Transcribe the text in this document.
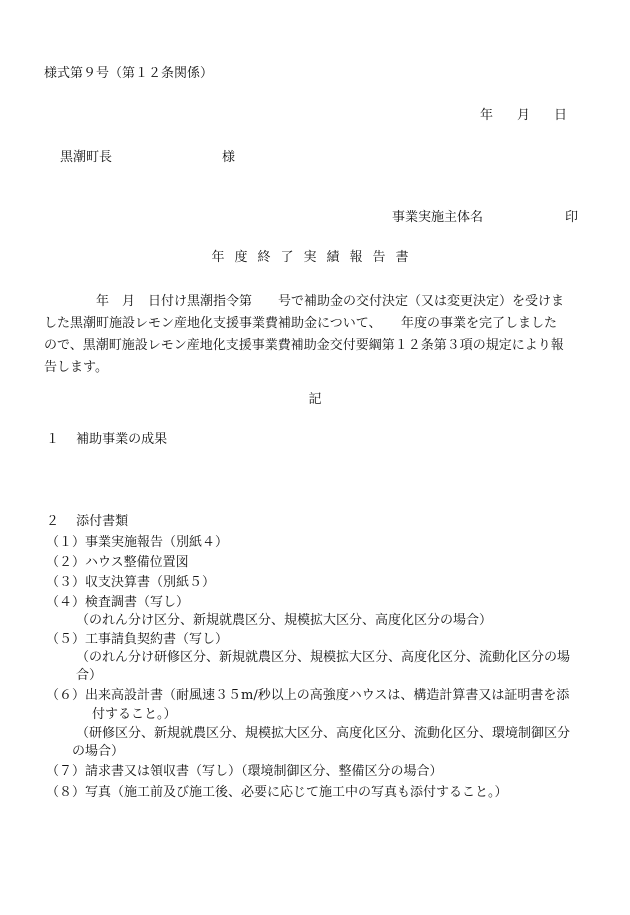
様式第９号（第１２条関係）
年 月 日
黒潮町長	様
事業実施主体名	印
年度終了実績報告書
　　　　年　月　日付け黒潮指令第　　号で補助金の交付決定（又は変更決定）を受けま
した黒潮町施設レモン産地化支援事業費補助金について、　　年度の事業を完了しました
ので、黒潮町施設レモン産地化支援事業費補助金交付要綱第１２条第３項の規定により報
告します。
記
１　 補助事業の成果
２　 添付書類
（１）事業実施報告（別紙４）
（２）ハウス整備位置図
（３）収支決算書（別紙５）
（４）検査調書（写し）
（のれん分け区分、新規就農区分、規模拡大区分、高度化区分の場合）
（５）工事請負契約書（写し）
（のれん分け研修区分、新規就農区分、規模拡大区分、高度化区分、流動化区分の場
合）
（６）出来高設計書（耐風速３５m/秒以上の高強度ハウスは、構造計算書又は証明書を添
付すること。）
（研修区分、新規就農区分、規模拡大区分、高度化区分、流動化区分、環境制御区分
の場合）
（７）請求書又は領収書（写し）（環境制御区分、整備区分の場合）
（８）写真（施工前及び施工後、必要に応じて施工中の写真も添付すること。）
